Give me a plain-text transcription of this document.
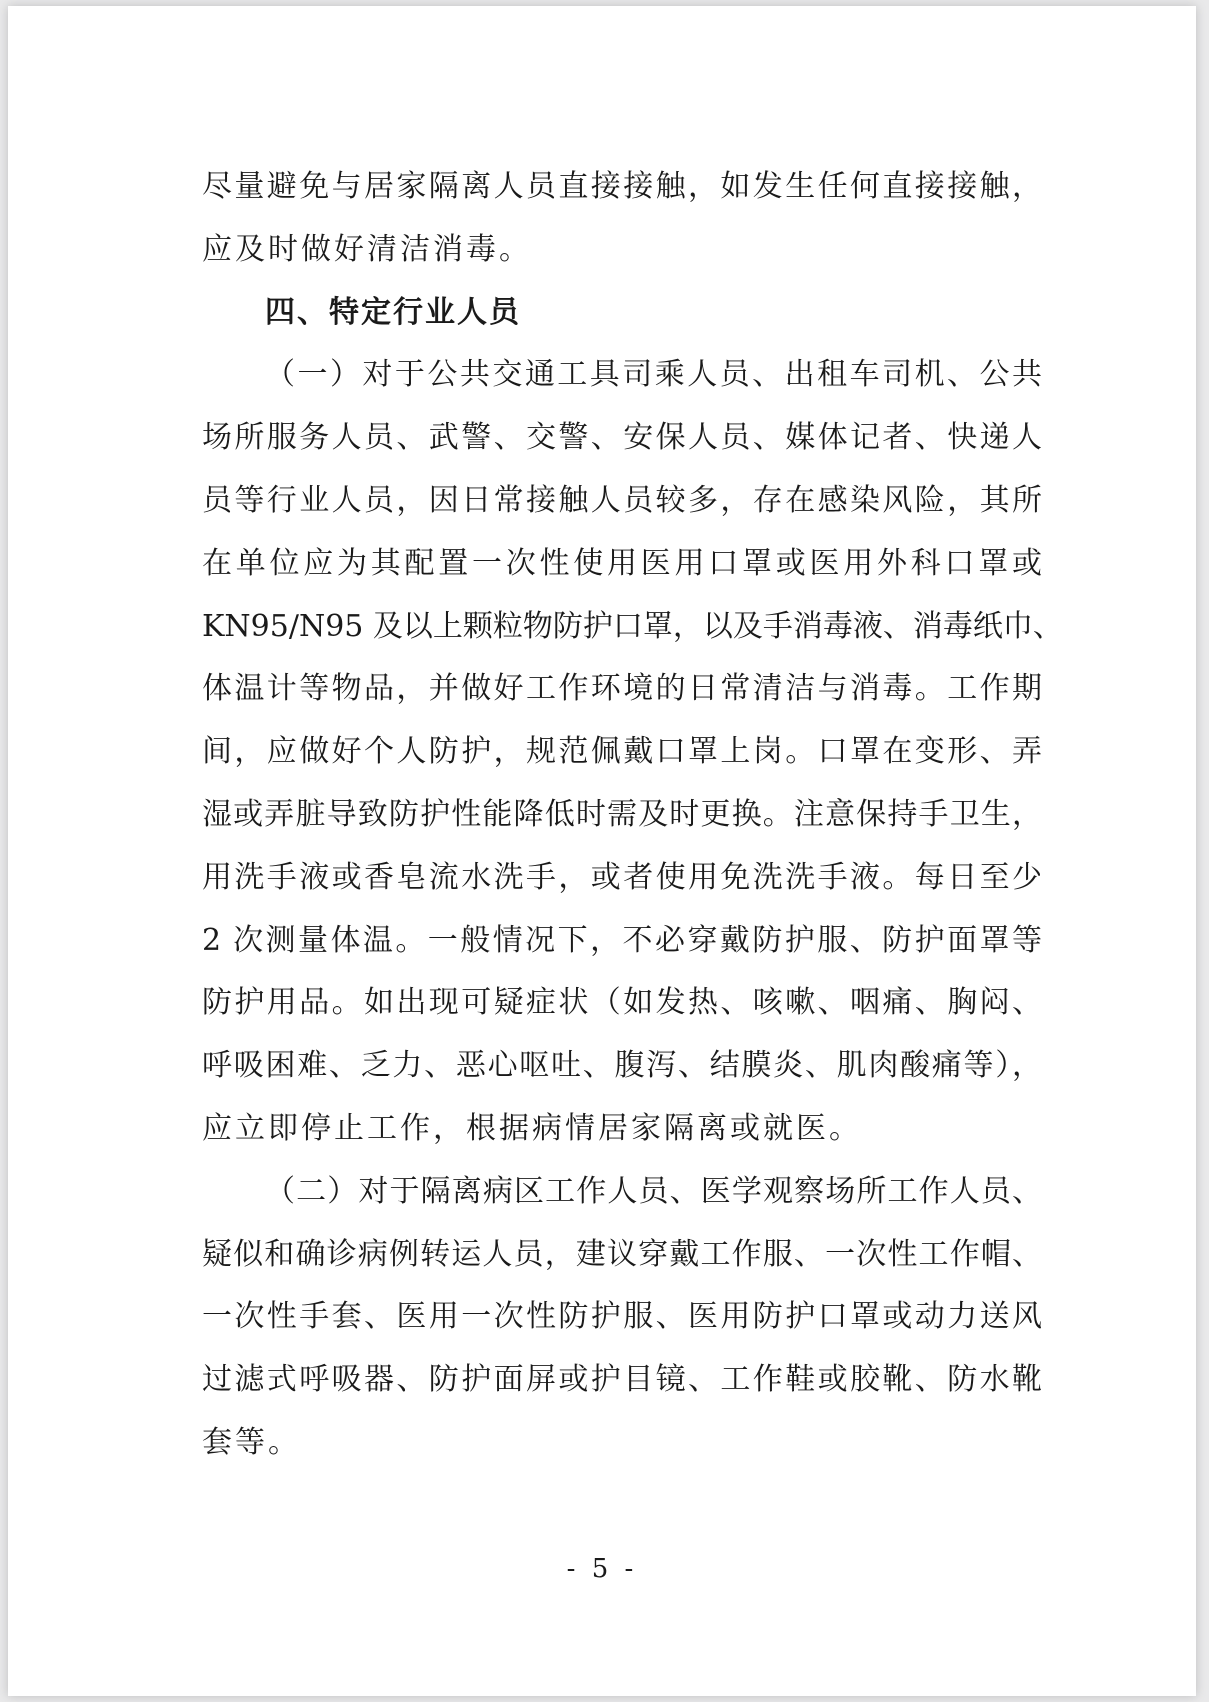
尽量避免与居家隔离人员直接接触，如发生任何直接接触，
应及时做好清洁消毒。
四、特定行业人员
（一）对于公共交通工具司乘人员、出租车司机、公共
场所服务人员、武警、交警、安保人员、媒体记者、快递人
员等行业人员，因日常接触人员较多，存在感染风险，其所
在单位应为其配置一次性使用医用口罩或医用外科口罩或
KN95/N95 及以上颗粒物防护口罩，以及手消毒液、消毒纸巾、
体温计等物品，并做好工作环境的日常清洁与消毒。工作期
间，应做好个人防护，规范佩戴口罩上岗。口罩在变形、弄
湿或弄脏导致防护性能降低时需及时更换。注意保持手卫生，
用洗手液或香皂流水洗手，或者使用免洗洗手液。每日至少
2 次测量体温。一般情况下，不必穿戴防护服、防护面罩等
防护用品。如出现可疑症状（如发热、咳嗽、咽痛、胸闷、
呼吸困难、乏力、恶心呕吐、腹泻、结膜炎、肌肉酸痛等），
应立即停止工作，根据病情居家隔离或就医。
（二）对于隔离病区工作人员、医学观察场所工作人员、
疑似和确诊病例转运人员，建议穿戴工作服、一次性工作帽、
一次性手套、医用一次性防护服、医用防护口罩或动力送风
过滤式呼吸器、防护面屏或护目镜、工作鞋或胶靴、防水靴
套等。
- 5 -
